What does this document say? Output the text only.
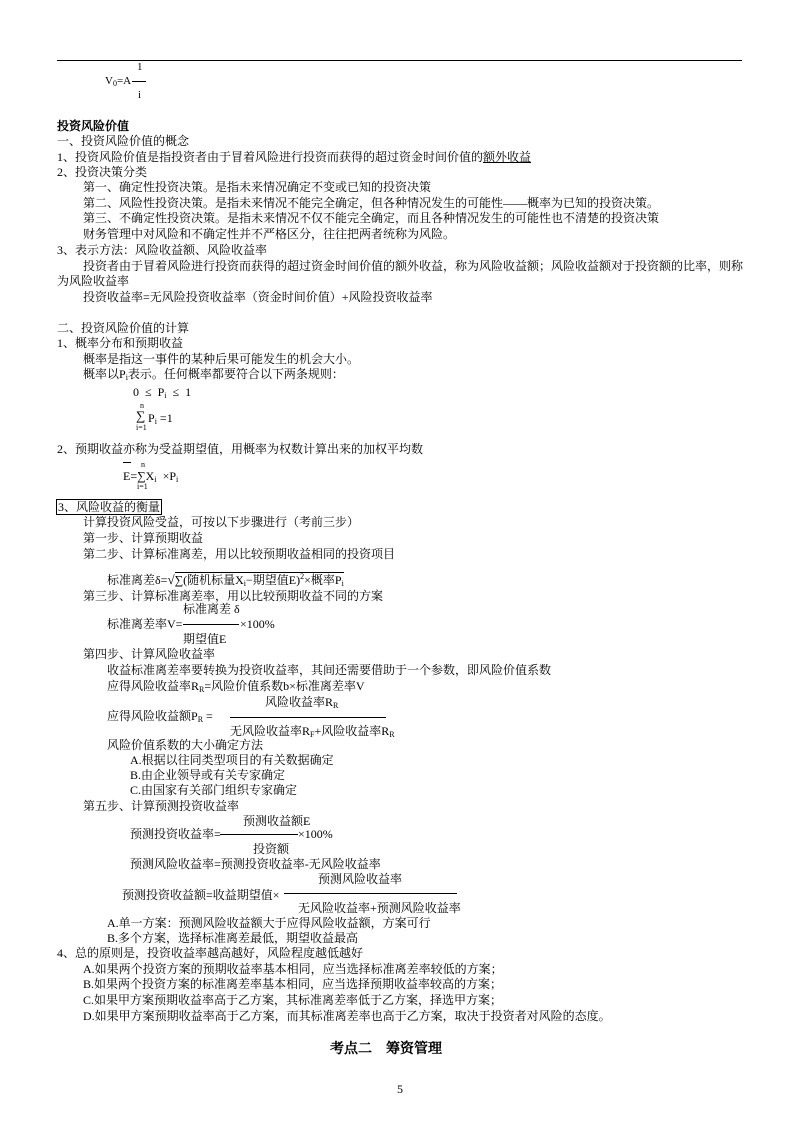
$V_0=A$
1
i
投资风险价值
一、投资风险价值的概念
1、投资风险价值是指投资者由于冒着风险进行投资而获得的超过资金时间价值的额外收益
2、投资决策分类
第一、确定性投资决策。是指未来情况确定不变或已知的投资决策
第二、风险性投资决策。是指未来情况不能完全确定，但各种情况发生的可能性——概率为已知的投资决策。
第三、不确定性投资决策。是指未来情况不仅不能完全确定，而且各种情况发生的可能性也不清楚的投资决策
财务管理中对风险和不确定性并不严格区分，往往把两者统称为风险。
3、表示方法：风险收益额、风险收益率
投资者由于冒着风险进行投资而获得的超过资金时间价值的额外收益，称为风险收益额；风险收益额对于投资额的比率，则称
为风险收益率
投资收益率=无风险投资收益率（资金时间价值）+风险投资收益率
二、投资风险价值的计算
1、概率分布和预期收益
概率是指这一事件的某种后果可能发生的机会大小。
概率以$P_i$表示。任何概率都要符合以下两条规则：
$0 \le P_i \le 1$
n
∑ $P_i =1$
i=1
2、预期收益亦称为受益期望值，用概率为权数计算出来的加权平均数
n
$E=\sum X_i \times P_i$
i=1
3、风险收益的衡量
计算投资风险受益，可按以下步骤进行（考前三步）
第一步、计算预期收益
第二步、计算标准离差，用以比较预期收益相同的投资项目
标准离差δ=√∑(随机标量$X_i-$期望值E)$^2$×概率$P_i$
第三步、计算标准离差率，用以比较预期收益不同的方案
标准离差 δ
标准离差率V=	×100%
期望值E
第四步、计算风险收益率
收益标准离差率要转换为投资收益率，其间还需要借助于一个参数，即风险价值系数
应得风险收益率$R_R=$风险价值系数b×标准离差率V
风险收益率$R_R$
应得风险收益额$P_R$ =
无风险收益率$R_F+$风险收益率$R_R$
风险价值系数的大小确定方法
A.根据以往同类型项目的有关数据确定
B.由企业领导或有关专家确定
C.由国家有关部门组织专家确定
第五步、计算预测投资收益率
预测收益额E
预测投资收益率=	×100%
投资额
预测风险收益率=预测投资收益率-无风险收益率
预测风险收益率
预测投资收益额=收益期望值×
无风险收益率+预测风险收益率
A.单一方案：预测风险收益额大于应得风险收益额，方案可行
B.多个方案，选择标准离差最低，期望收益最高
4、总的原则是，投资收益率越高越好，风险程度越低越好
A.如果两个投资方案的预期收益率基本相同，应当选择标准离差率较低的方案；
B.如果两个投资方案的标准离差率基本相同，应当选择预期收益率较高的方案；
C.如果甲方案预期收益率高于乙方案，其标准离差率低于乙方案，择选甲方案；
D.如果甲方案预期收益率高于乙方案，而其标准离差率也高于乙方案，取决于投资者对风险的态度。
考点二    筹资管理
5
